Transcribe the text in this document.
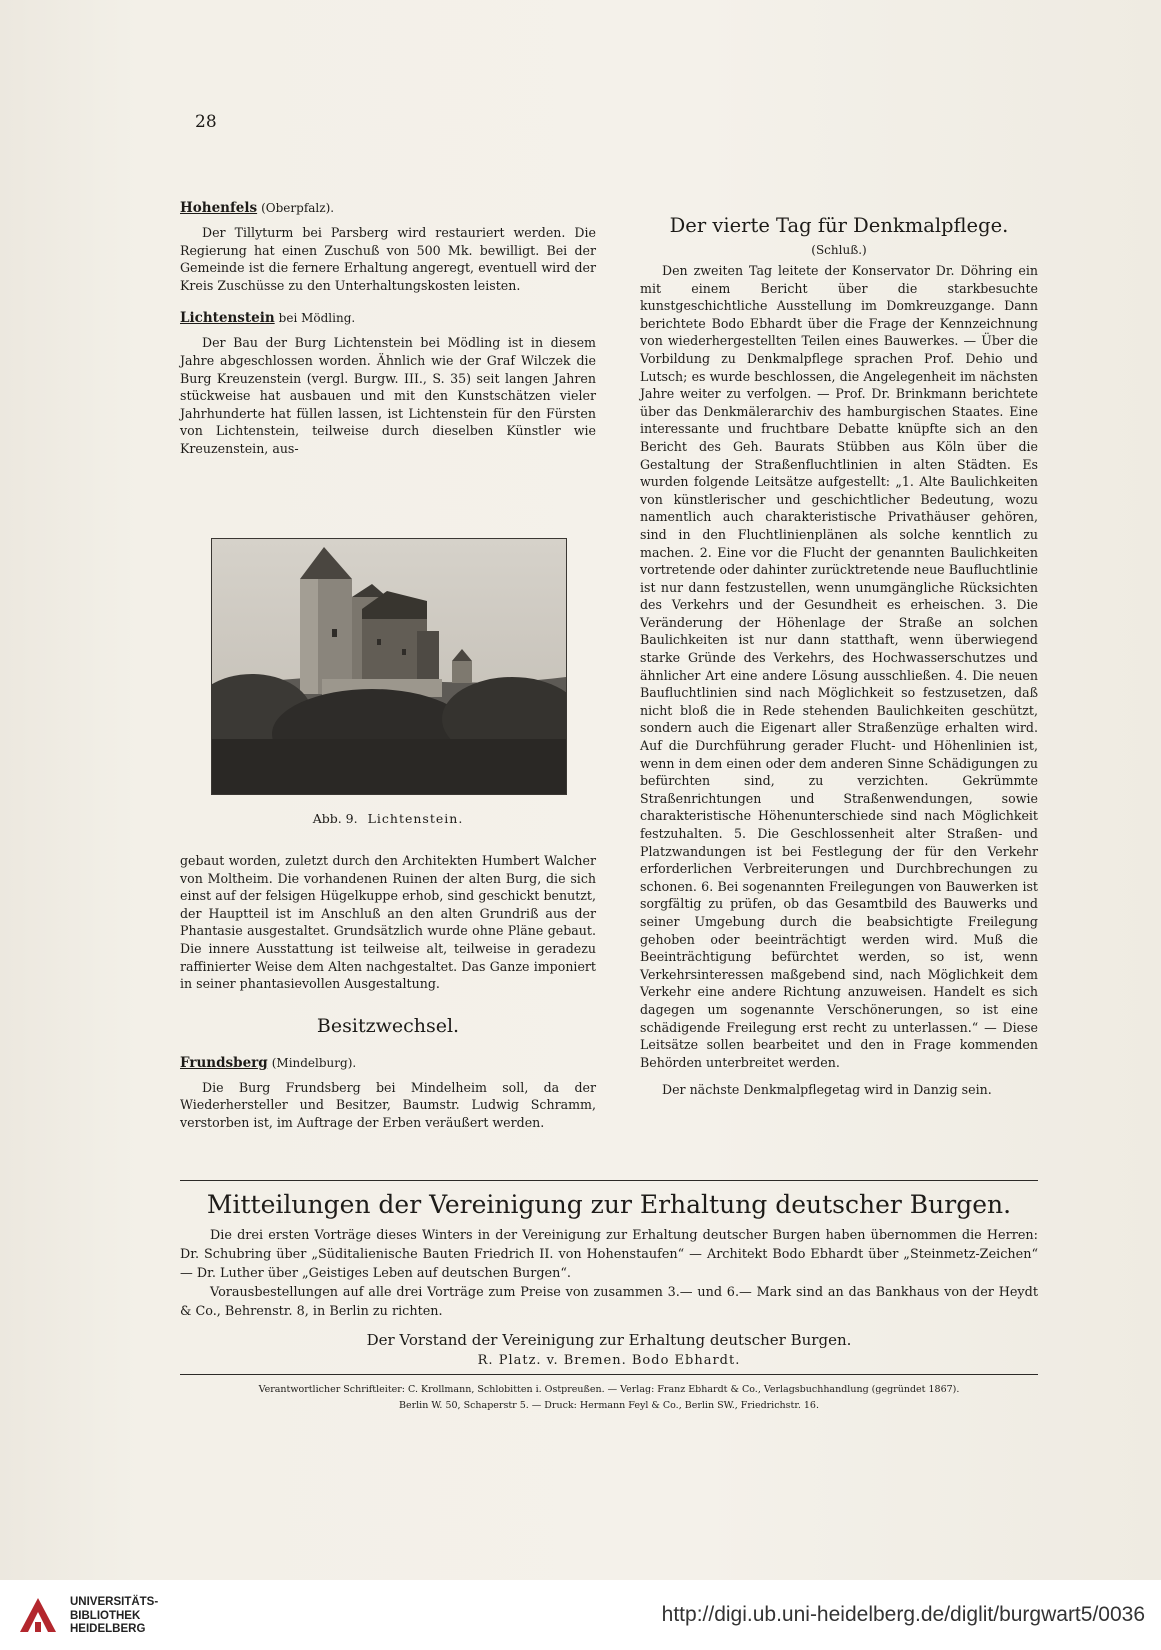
28
Hohenfels (Oberpfalz).

Der Tillyturm bei Parsberg wird restauriert werden. Die Regierung hat einen Zuschuß von 500 Mk. bewilligt. Bei der Gemeinde ist die fernere Erhaltung angeregt, eventuell wird der Kreis Zuschüsse zu den Unterhaltungskosten leisten.

Lichtenstein bei Mödling.

Der Bau der Burg Lichtenstein bei Mödling ist in diesem Jahre abgeschlossen worden. Ähnlich wie der Graf Wilczek die Burg Kreuzenstein (vergl. Burgw. III., S. 35) seit langen Jahren stückweise hat ausbauen und mit den Kunstschätzen vieler Jahrhunderte hat füllen lassen, ist Lichtenstein für den Fürsten von Lichtenstein, teilweise durch dieselben Künstler wie Kreuzenstein, aus-

Abb. 9. Lichtenstein.

gebaut worden, zuletzt durch den Architekten Humbert Walcher von Moltheim. Die vorhandenen Ruinen der alten Burg, die sich einst auf der felsigen Hügelkuppe erhob, sind geschickt benutzt, der Hauptteil ist im Anschluß an den alten Grundriß aus der Phantasie ausgestaltet. Grundsätzlich wurde ohne Pläne gebaut. Die innere Ausstattung ist teilweise alt, teilweise in geradezu raffinierter Weise dem Alten nachgestaltet. Das Ganze imponiert in seiner phantasievollen Ausgestaltung.

Besitzwechsel.
Frundsberg (Mindelburg).

Die Burg Frundsberg bei Mindelheim soll, da der Wiederhersteller und Besitzer, Baumstr. Ludwig Schramm, verstorben ist, im Auftrage der Erben veräußert werden.

Der vierte Tag für Denkmalpflege.
(Schluß.)

Den zweiten Tag leitete der Konservator Dr. Döhring ein mit einem Bericht über die starkbesuchte kunstgeschichtliche Ausstellung im Domkreuzgange. Dann berichtete Bodo Ebhardt über die Frage der Kennzeichnung von wiederhergestellten Teilen eines Bauwerkes. — Über die Vorbildung zu Denkmalpflege sprachen Prof. Dehio und Lutsch; es wurde beschlossen, die Angelegenheit im nächsten Jahre weiter zu verfolgen. — Prof. Dr. Brinkmann berichtete über das Denkmälerarchiv des hamburgischen Staates. Eine interessante und fruchtbare Debatte knüpfte sich an den Bericht des Geh. Baurats Stübben aus Köln über die Gestaltung der Straßenfluchtlinien in alten Städten. Es wurden folgende Leitsätze aufgestellt: „1. Alte Baulichkeiten von künstlerischer und geschichtlicher Bedeutung, wozu namentlich auch charakteristische Privathäuser gehören, sind in den Fluchtlinienplänen als solche kenntlich zu machen. 2. Eine vor die Flucht der genannten Baulichkeiten vortretende oder dahinter zurücktretende neue Baufluchtlinie ist nur dann festzustellen, wenn unumgängliche Rücksichten des Verkehrs und der Gesundheit es erheischen. 3. Die Veränderung der Höhenlage der Straße an solchen Baulichkeiten ist nur dann statthaft, wenn überwiegend starke Gründe des Verkehrs, des Hochwasserschutzes und ähnlicher Art eine andere Lösung ausschließen. 4. Die neuen Baufluchtlinien sind nach Möglichkeit so festzusetzen, daß nicht bloß die in Rede stehenden Baulichkeiten geschützt, sondern auch die Eigenart aller Straßenzüge erhalten wird. Auf die Durchführung gerader Flucht- und Höhenlinien ist, wenn in dem einen oder dem anderen Sinne Schädigungen zu befürchten sind, zu verzichten. Gekrümmte Straßenrichtungen und Straßenwendungen, sowie charakteristische Höhenunterschiede sind nach Möglichkeit festzuhalten. 5. Die Geschlossenheit alter Straßen- und Platzwandungen ist bei Festlegung der für den Verkehr erforderlichen Verbreiterungen und Durchbrechungen zu schonen. 6. Bei sogenannten Freilegungen von Bauwerken ist sorgfältig zu prüfen, ob das Gesamtbild des Bauwerks und seiner Umgebung durch die beabsichtigte Freilegung gehoben oder beeinträchtigt werden wird. Muß die Beeinträchtigung befürchtet werden, so ist, wenn Verkehrsinteressen maßgebend sind, nach Möglichkeit dem Verkehr eine andere Richtung anzuweisen. Handelt es sich dagegen um sogenannte Verschönerungen, so ist eine schädigende Freilegung erst recht zu unterlassen.“ — Diese Leitsätze sollen bearbeitet und den in Frage kommenden Behörden unterbreitet werden.

Der nächste Denkmalpflegetag wird in Danzig sein.

Mitteilungen der Vereinigung zur Erhaltung deutscher Burgen.

Die drei ersten Vorträge dieses Winters in der Vereinigung zur Erhaltung deutscher Burgen haben übernommen die Herren: Dr. Schubring über „Süditalienische Bauten Friedrich II. von Hohenstaufen“ — Architekt Bodo Ebhardt über „Steinmetz-Zeichen“ — Dr. Luther über „Geistiges Leben auf deutschen Burgen“.

Vorausbestellungen auf alle drei Vorträge zum Preise von zusammen 3.— und 6.— Mark sind an das Bankhaus von der Heydt & Co., Behrenstr. 8, in Berlin zu richten.

Der Vorstand der Vereinigung zur Erhaltung deutscher Burgen.
R. Platz. v. Bremen. Bodo Ebhardt.
Verantwortlicher Schriftleiter: C. Krollmann, Schlobitten i. Ostpreußen. — Verlag: Franz Ebhardt & Co., Verlagsbuchhandlung (gegründet 1867).
Berlin W. 50, Schaperstr 5. — Druck: Hermann Feyl & Co., Berlin SW., Friedrichstr. 16.
UNIVERSITÄTS-
BIBLIOTHEK
HEIDELBERG
http://digi.ub.uni-heidelberg.de/diglit/burgwart5/0036
